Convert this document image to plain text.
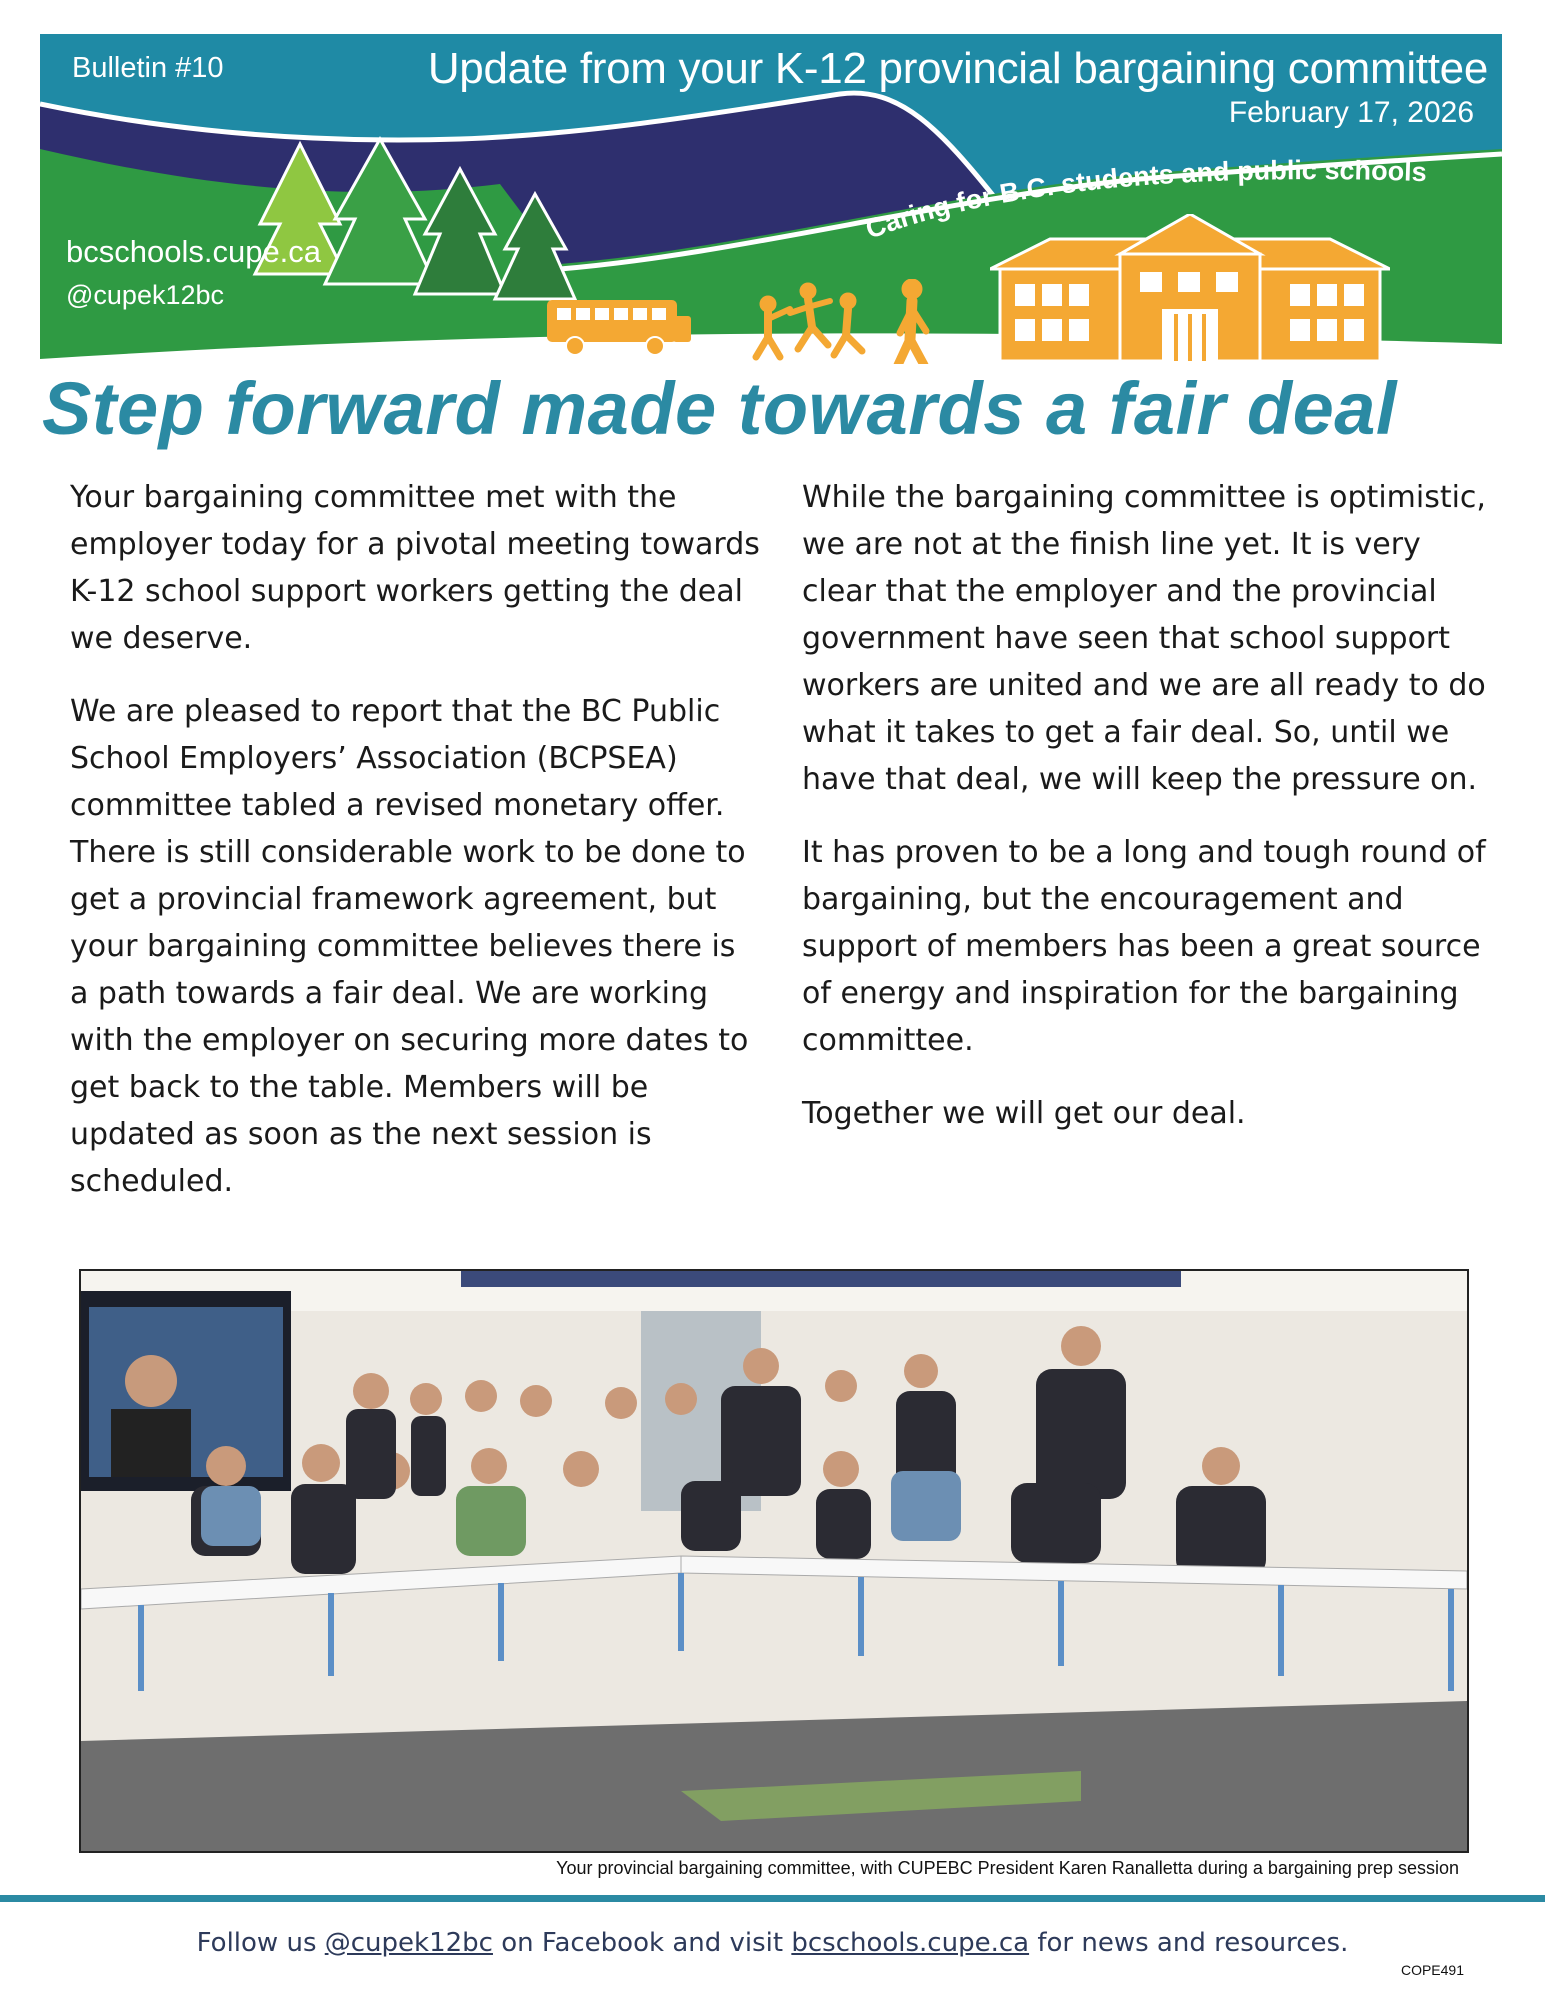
Caring for B.C. students and public schools
Bulletin #10	Update from your K-12 provincial bargaining committee
February 17, 2026
bcschools.cupe.ca
@cupek12bc
Step forward made towards a fair deal

Your bargaining committee met with the employer today for a pivotal meeting towards K-12 school support workers getting the deal we deserve.

We are pleased to report that the BC Public School Employers’ Association (BCPSEA) committee tabled a revised monetary offer. There is still considerable work to be done to get a provincial framework agreement, but your bargaining committee believes there is a path towards a fair deal. We are working with the employer on securing more dates to get back to the table. Members will be updated as soon as the next session is scheduled.

While the bargaining committee is optimistic, we are not at the finish line yet. It is very clear that the employer and the provincial government have seen that school support workers are united and we are all ready to do what it takes to get a fair deal. So, until we have that deal, we will keep the pressure on.

It has proven to be a long and tough round of bargaining, but the encouragement and support of members has been a great source of energy and inspiration for the bargaining committee.

Together we will get our deal.

Your provincial bargaining committee, with CUPEBC President Karen Ranalletta during a bargaining prep session
Follow us @cupek12bc on Facebook and visit bcschools.cupe.ca for news and resources.
COPE491
